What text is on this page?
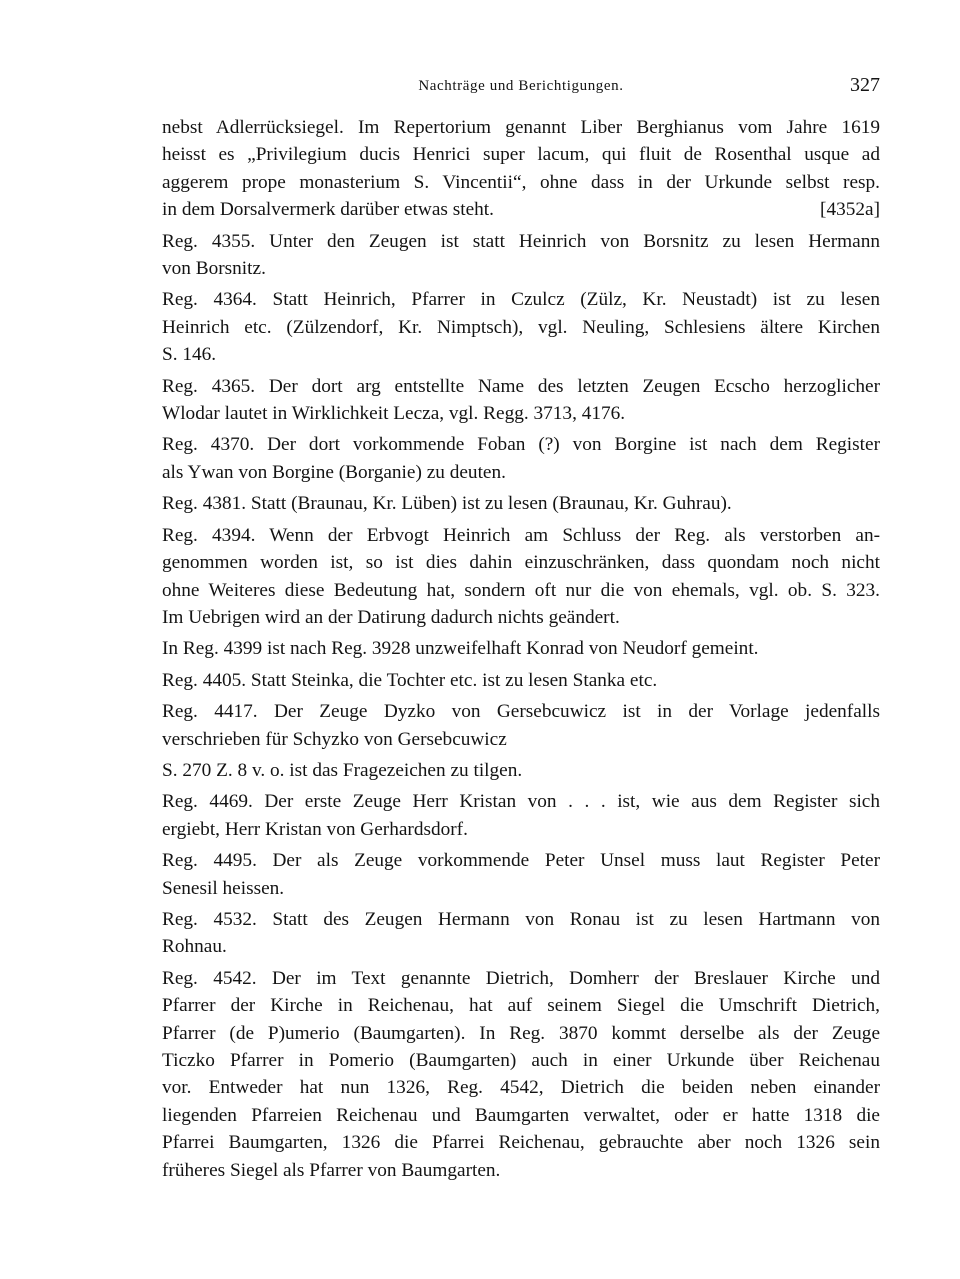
Nachträge und Berichtigungen.	327
nebst Adlerrücksiegel. Im Repertorium genannt Liber Berghianus vom Jahre 1619
heisst es „Privilegium ducis Henrici super lacum, qui fluit de Rosenthal usque ad
aggerem prope monasterium S. Vincentii“, ohne dass in der Urkunde selbst resp.
in dem Dorsalvermerk darüber etwas steht.	[4352a]
Reg. 4355. Unter den Zeugen ist statt Heinrich von Borsnitz zu lesen Hermann
von Borsnitz.
Reg. 4364. Statt Heinrich, Pfarrer in Czulcz (Zülz, Kr. Neustadt) ist zu lesen
Heinrich etc. (Zülzendorf, Kr. Nimptsch), vgl. Neuling, Schlesiens ältere Kirchen
S. 146.
Reg. 4365. Der dort arg entstellte Name des letzten Zeugen Ecscho herzoglicher
Wlodar lautet in Wirklichkeit Lecza, vgl. Regg. 3713, 4176.
Reg. 4370. Der dort vorkommende Foban (?) von Borgine ist nach dem Register
als Ywan von Borgine (Borganie) zu deuten.
Reg. 4381. Statt (Braunau, Kr. Lüben) ist zu lesen (Braunau, Kr. Guhrau).
Reg. 4394. Wenn der Erbvogt Heinrich am Schluss der Reg. als verstorben an-
genommen worden ist, so ist dies dahin einzuschränken, dass quondam noch nicht
ohne Weiteres diese Bedeutung hat, sondern oft nur die von ehemals, vgl. ob. S. 323.
Im Uebrigen wird an der Datirung dadurch nichts geändert.
In Reg. 4399 ist nach Reg. 3928 unzweifelhaft Konrad von Neudorf gemeint.
Reg. 4405. Statt Steinka, die Tochter etc. ist zu lesen Stanka etc.
Reg. 4417. Der Zeuge Dyzko von Gersebcuwicz ist in der Vorlage jedenfalls
verschrieben für Schyzko von Gersebcuwicz
S. 270 Z. 8 v. o. ist das Fragezeichen zu tilgen.
Reg. 4469. Der erste Zeuge Herr Kristan von . . . ist, wie aus dem Register sich
ergiebt, Herr Kristan von Gerhardsdorf.
Reg. 4495. Der als Zeuge vorkommende Peter Unsel muss laut Register Peter
Senesil heissen.
Reg. 4532. Statt des Zeugen Hermann von Ronau ist zu lesen Hartmann von
Rohnau.
Reg. 4542. Der im Text genannte Dietrich, Domherr der Breslauer Kirche und
Pfarrer der Kirche in Reichenau, hat auf seinem Siegel die Umschrift Dietrich,
Pfarrer (de P)umerio (Baumgarten). In Reg. 3870 kommt derselbe als der Zeuge
Ticzko Pfarrer in Pomerio (Baumgarten) auch in einer Urkunde über Reichenau
vor. Entweder hat nun 1326, Reg. 4542, Dietrich die beiden neben einander
liegenden Pfarreien Reichenau und Baumgarten verwaltet, oder er hatte 1318 die
Pfarrei Baumgarten, 1326 die Pfarrei Reichenau, gebrauchte aber noch 1326 sein
früheres Siegel als Pfarrer von Baumgarten.
